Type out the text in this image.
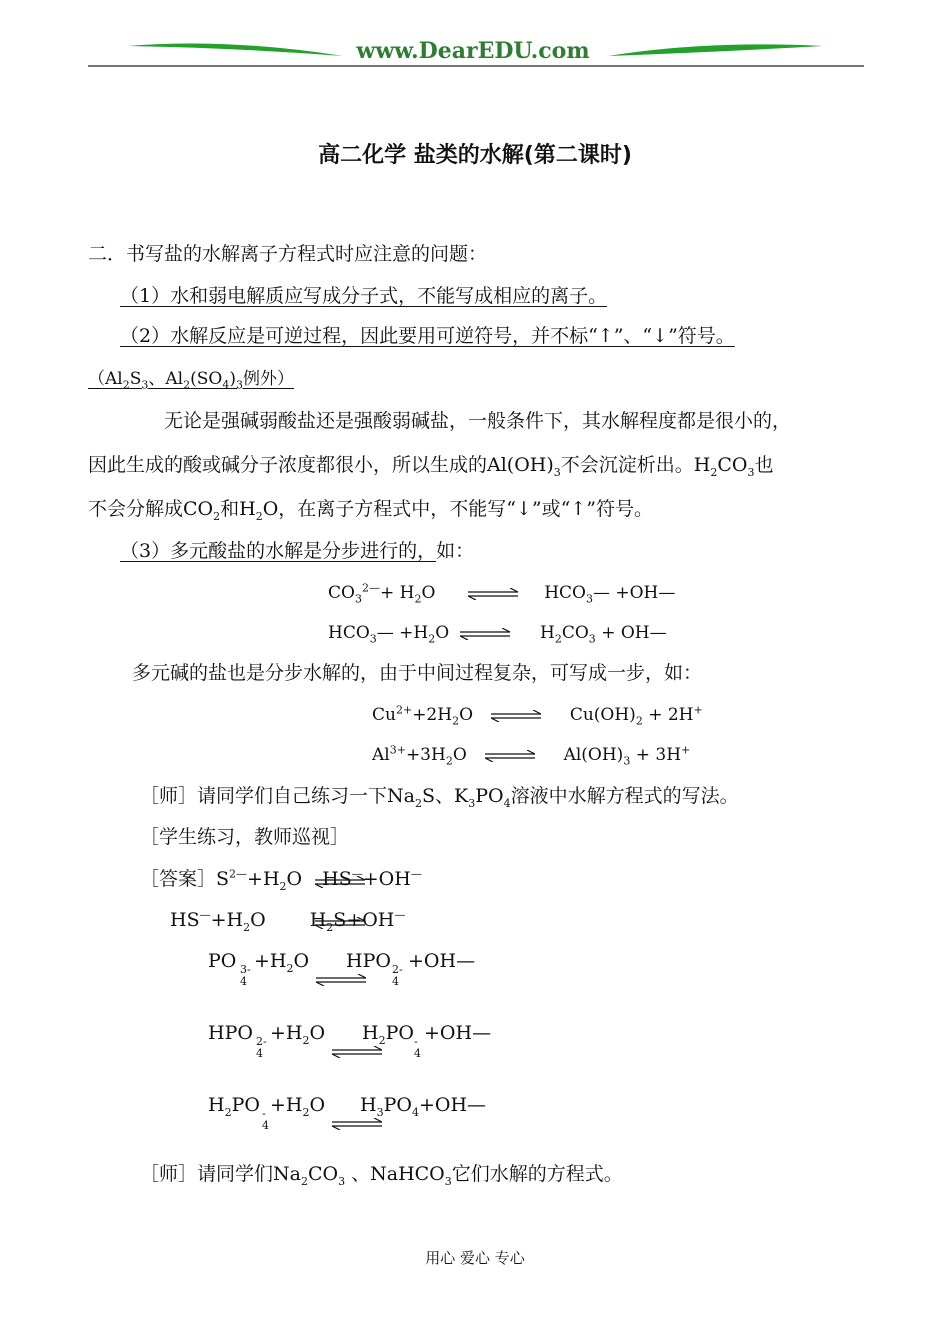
www.DearEDU.com
高二化学 盐类的水解(第二课时)
二．书写盐的水解离子方程式时应注意的问题：
（1）水和弱电解质应写成分子式，不能写成相应的离子。
（2）水解反应是可逆过程，因此要用可逆符号，并不标“↑”、“↓”符号。
（$Al_2S_3$、$Al_2(SO_4)_3$例外）
无论是强碱弱酸盐还是强酸弱碱盐，一般条件下，其水解程度都是很小的，
因此生成的酸或碱分子浓度都很小，所以生成的$Al(OH)_3$不会沉淀析出。$H_2CO_3$也
不会分解成$CO_2$和$H_2O$，在离子方程式中，不能写“↓”或“↑”符号。
（3）多元酸盐的水解是分步进行的，如：
$CO_3^{2—}+ H_2O$ ⇌ $HCO_3—$ +OH—
$HCO_3— +H_2O$ ⇌ $H_2CO_3$ + OH—
多元碱的盐也是分步水解的，由于中间过程复杂，可写成一步，如：
$Cu^{2+}+2H_2O$ ⇌ $Cu(OH)_2 + 2H^+$
$Al^{3+}+3H_2O$ ⇌ $Al(OH)_3 + 3H^+$
［师］请同学们自己练习一下$Na_2S$、$K_3PO_4$溶液中水解方程式的写法。
［学生练习，教师巡视］
［答案$]S^{2—}+H_2O$ HS
—+OH—
$HS^—+H_2O$ $H_2S+OH$
—
PO 3-
4
$+H_2O$ HPO 2-
4
+OH—
HPO 2-
4
$+H_2O$ $H_2PO$ -
4
+OH—
$H_2PO$ -
4
$+H_2O$ $H_3PO_4+OH—$
［师］请同学们$Na_2CO_3$ 、NaHCO$_3$它们水解的方程式。
用心 爱心 专心
